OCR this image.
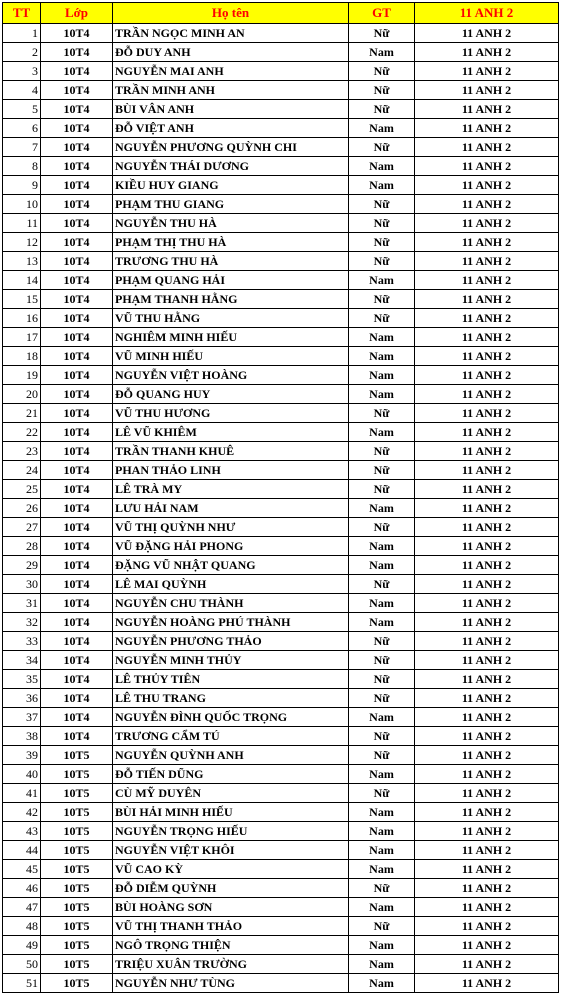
TT	Lớp	Họ tên	GT	11 ANH 2
1	10T4	TRẦN NGỌC MINH AN	Nữ	11 ANH 2
2	10T4	ĐỖ DUY ANH	Nam	11 ANH 2
3	10T4	NGUYỄN MAI ANH	Nữ	11 ANH 2
4	10T4	TRẦN MINH ANH	Nữ	11 ANH 2
5	10T4	BÙI VÂN ANH	Nữ	11 ANH 2
6	10T4	ĐỖ VIỆT ANH	Nam	11 ANH 2
7	10T4	NGUYỄN PHƯƠNG QUỲNH CHI	Nữ	11 ANH 2
8	10T4	NGUYỄN THÁI DƯƠNG	Nam	11 ANH 2
9	10T4	KIỀU HUY GIANG	Nam	11 ANH 2
10	10T4	PHẠM THU GIANG	Nữ	11 ANH 2
11	10T4	NGUYỄN THU HÀ	Nữ	11 ANH 2
12	10T4	PHẠM THỊ THU HÀ	Nữ	11 ANH 2
13	10T4	TRƯƠNG THU HÀ	Nữ	11 ANH 2
14	10T4	PHẠM QUANG HẢI	Nam	11 ANH 2
15	10T4	PHẠM THANH HẰNG	Nữ	11 ANH 2
16	10T4	VŨ THU HẰNG	Nữ	11 ANH 2
17	10T4	NGHIÊM MINH HIẾU	Nam	11 ANH 2
18	10T4	VŨ MINH HIẾU	Nam	11 ANH 2
19	10T4	NGUYỄN VIỆT HOÀNG	Nam	11 ANH 2
20	10T4	ĐỖ QUANG HUY	Nam	11 ANH 2
21	10T4	VŨ THU HƯƠNG	Nữ	11 ANH 2
22	10T4	LÊ VŨ KHIÊM	Nam	11 ANH 2
23	10T4	TRẦN THANH KHUÊ	Nữ	11 ANH 2
24	10T4	PHAN THẢO LINH	Nữ	11 ANH 2
25	10T4	LÊ TRÀ MY	Nữ	11 ANH 2
26	10T4	LƯU HẢI NAM	Nam	11 ANH 2
27	10T4	VŨ THỊ QUỲNH NHƯ	Nữ	11 ANH 2
28	10T4	VŨ ĐẶNG HẢI PHONG	Nam	11 ANH 2
29	10T4	ĐẶNG VŨ NHẬT QUANG	Nam	11 ANH 2
30	10T4	LÊ MAI QUỲNH	Nữ	11 ANH 2
31	10T4	NGUYỄN CHU THÀNH	Nam	11 ANH 2
32	10T4	NGUYỄN HOÀNG PHÚ THÀNH	Nam	11 ANH 2
33	10T4	NGUYỄN PHƯƠNG THẢO	Nữ	11 ANH 2
34	10T4	NGUYỄN MINH THỦY	Nữ	11 ANH 2
35	10T4	LÊ THỦY TIÊN	Nữ	11 ANH 2
36	10T4	LÊ THU TRANG	Nữ	11 ANH 2
37	10T4	NGUYỄN ĐÌNH QUỐC TRỌNG	Nam	11 ANH 2
38	10T4	TRƯƠNG CẨM TÚ	Nữ	11 ANH 2
39	10T5	NGUYỄN QUỲNH ANH	Nữ	11 ANH 2
40	10T5	ĐỖ TIẾN DŨNG	Nam	11 ANH 2
41	10T5	CÙ MỸ DUYÊN	Nữ	11 ANH 2
42	10T5	BÙI HẢI MINH HIẾU	Nam	11 ANH 2
43	10T5	NGUYỄN TRỌNG HIẾU	Nam	11 ANH 2
44	10T5	NGUYỄN VIỆT KHÔI	Nam	11 ANH 2
45	10T5	VŨ CAO KỲ	Nam	11 ANH 2
46	10T5	ĐỖ DIỄM QUỲNH	Nữ	11 ANH 2
47	10T5	BÙI HOÀNG SƠN	Nam	11 ANH 2
48	10T5	VŨ THỊ THANH THẢO	Nữ	11 ANH 2
49	10T5	NGÔ TRỌNG THIỆN	Nam	11 ANH 2
50	10T5	TRIỆU XUÂN TRƯỜNG	Nam	11 ANH 2
51	10T5	NGUYỄN NHƯ TÙNG	Nam	11 ANH 2
